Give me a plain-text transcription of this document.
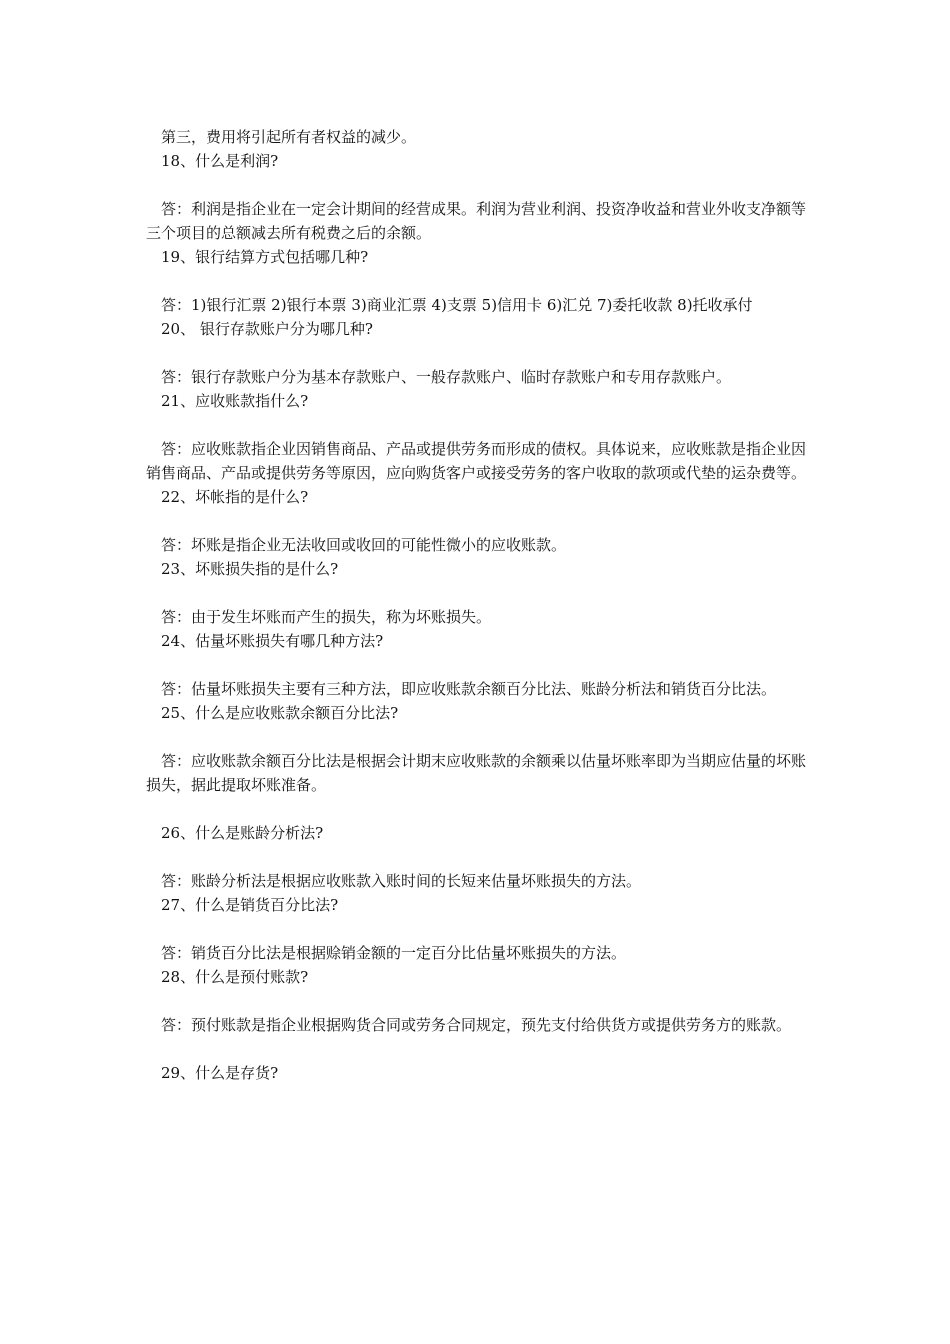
第三，费用将引起所有者权益的减少。

18、什么是利润?

答：利润是指企业在一定会计期间的经营成果。利润为营业利润、投资净收益和营业外收支净额等三个项目的总额减去所有税费之后的余额。

19、银行结算方式包括哪几种?

答：1)银行汇票 2)银行本票 3)商业汇票 4)支票 5)信用卡 6)汇兑 7)委托收款 8)托收承付

20、 银行存款账户分为哪几种?

答：银行存款账户分为基本存款账户、一般存款账户、临时存款账户和专用存款账户。

21、应收账款指什么?

答：应收账款指企业因销售商品、产品或提供劳务而形成的债权。具体说来，应收账款是指企业因销售商品、产品或提供劳务等原因，应向购货客户或接受劳务的客户收取的款项或代垫的运杂费等。

22、坏帐指的是什么?

答：坏账是指企业无法收回或收回的可能性微小的应收账款。

23、坏账损失指的是什么?

答：由于发生坏账而产生的损失，称为坏账损失。

24、估量坏账损失有哪几种方法?

答：估量坏账损失主要有三种方法，即应收账款余额百分比法、账龄分析法和销货百分比法。

25、什么是应收账款余额百分比法?

答：应收账款余额百分比法是根据会计期末应收账款的余额乘以估量坏账率即为当期应估量的坏账损失，据此提取坏账准备。

26、什么是账龄分析法?

答：账龄分析法是根据应收账款入账时间的长短来估量坏账损失的方法。

27、什么是销货百分比法?

答：销货百分比法是根据赊销金额的一定百分比估量坏账损失的方法。

28、什么是预付账款?

答：预付账款是指企业根据购货合同或劳务合同规定，预先支付给供货方或提供劳务方的账款。

29、什么是存货?
